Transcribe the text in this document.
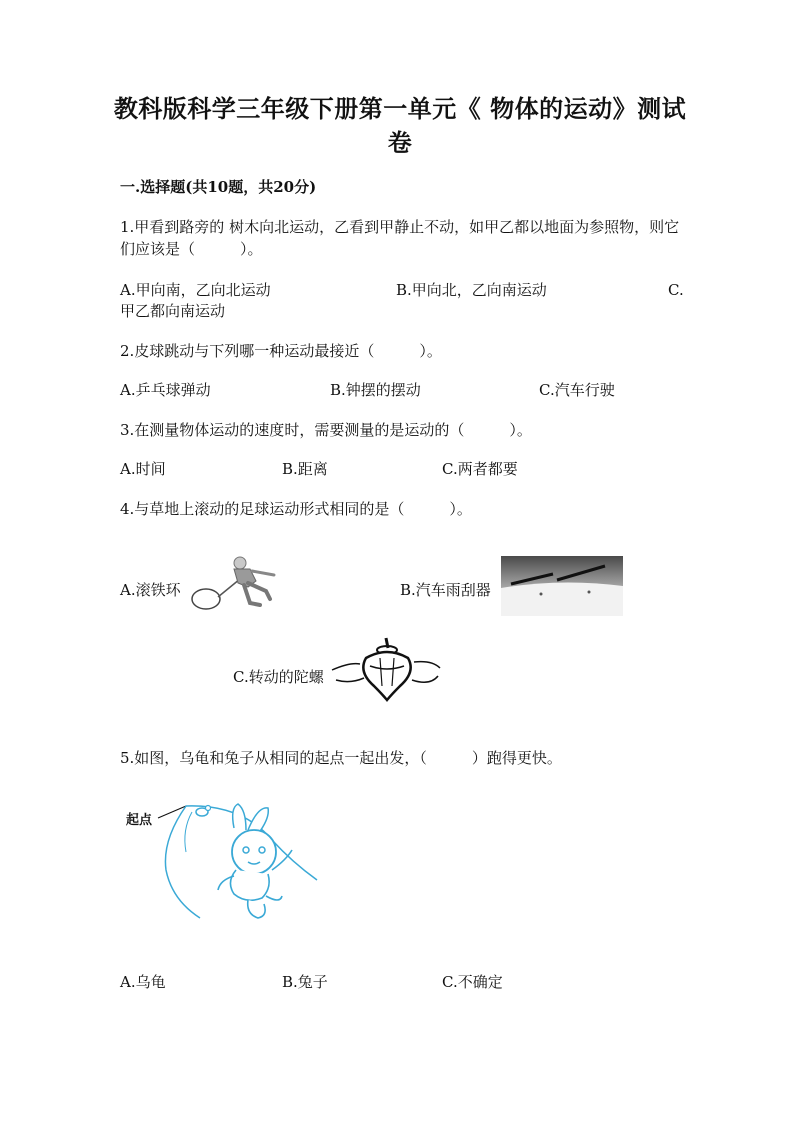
教科版科学三年级下册第一单元《 物体的运动》测试卷
一.选择题(共10题，共20分)
1.甲看到路旁的 树木向北运动，乙看到甲静止不动，如甲乙都以地面为参照物，则它们应该是（　　　）。
A.甲向南，乙向北运动	B.甲向北，乙向南运动	C.
甲乙都向南运动
2.皮球跳动与下列哪一种运动最接近（　　　）。
A.乒乓球弹动	B.钟摆的摆动	C.汽车行驶
3.在测量物体运动的速度时，需要测量的是运动的（　　　）。
A.时间	B.距离	C.两者都要
4.与草地上滚动的足球运动形式相同的是（　　　）。
A.滚铁环	B.汽车雨刮器
C.转动的陀螺
5.如图，乌龟和兔子从相同的起点一起出发，（　　　）跑得更快。
起点
A.乌龟	B.兔子	C.不确定
